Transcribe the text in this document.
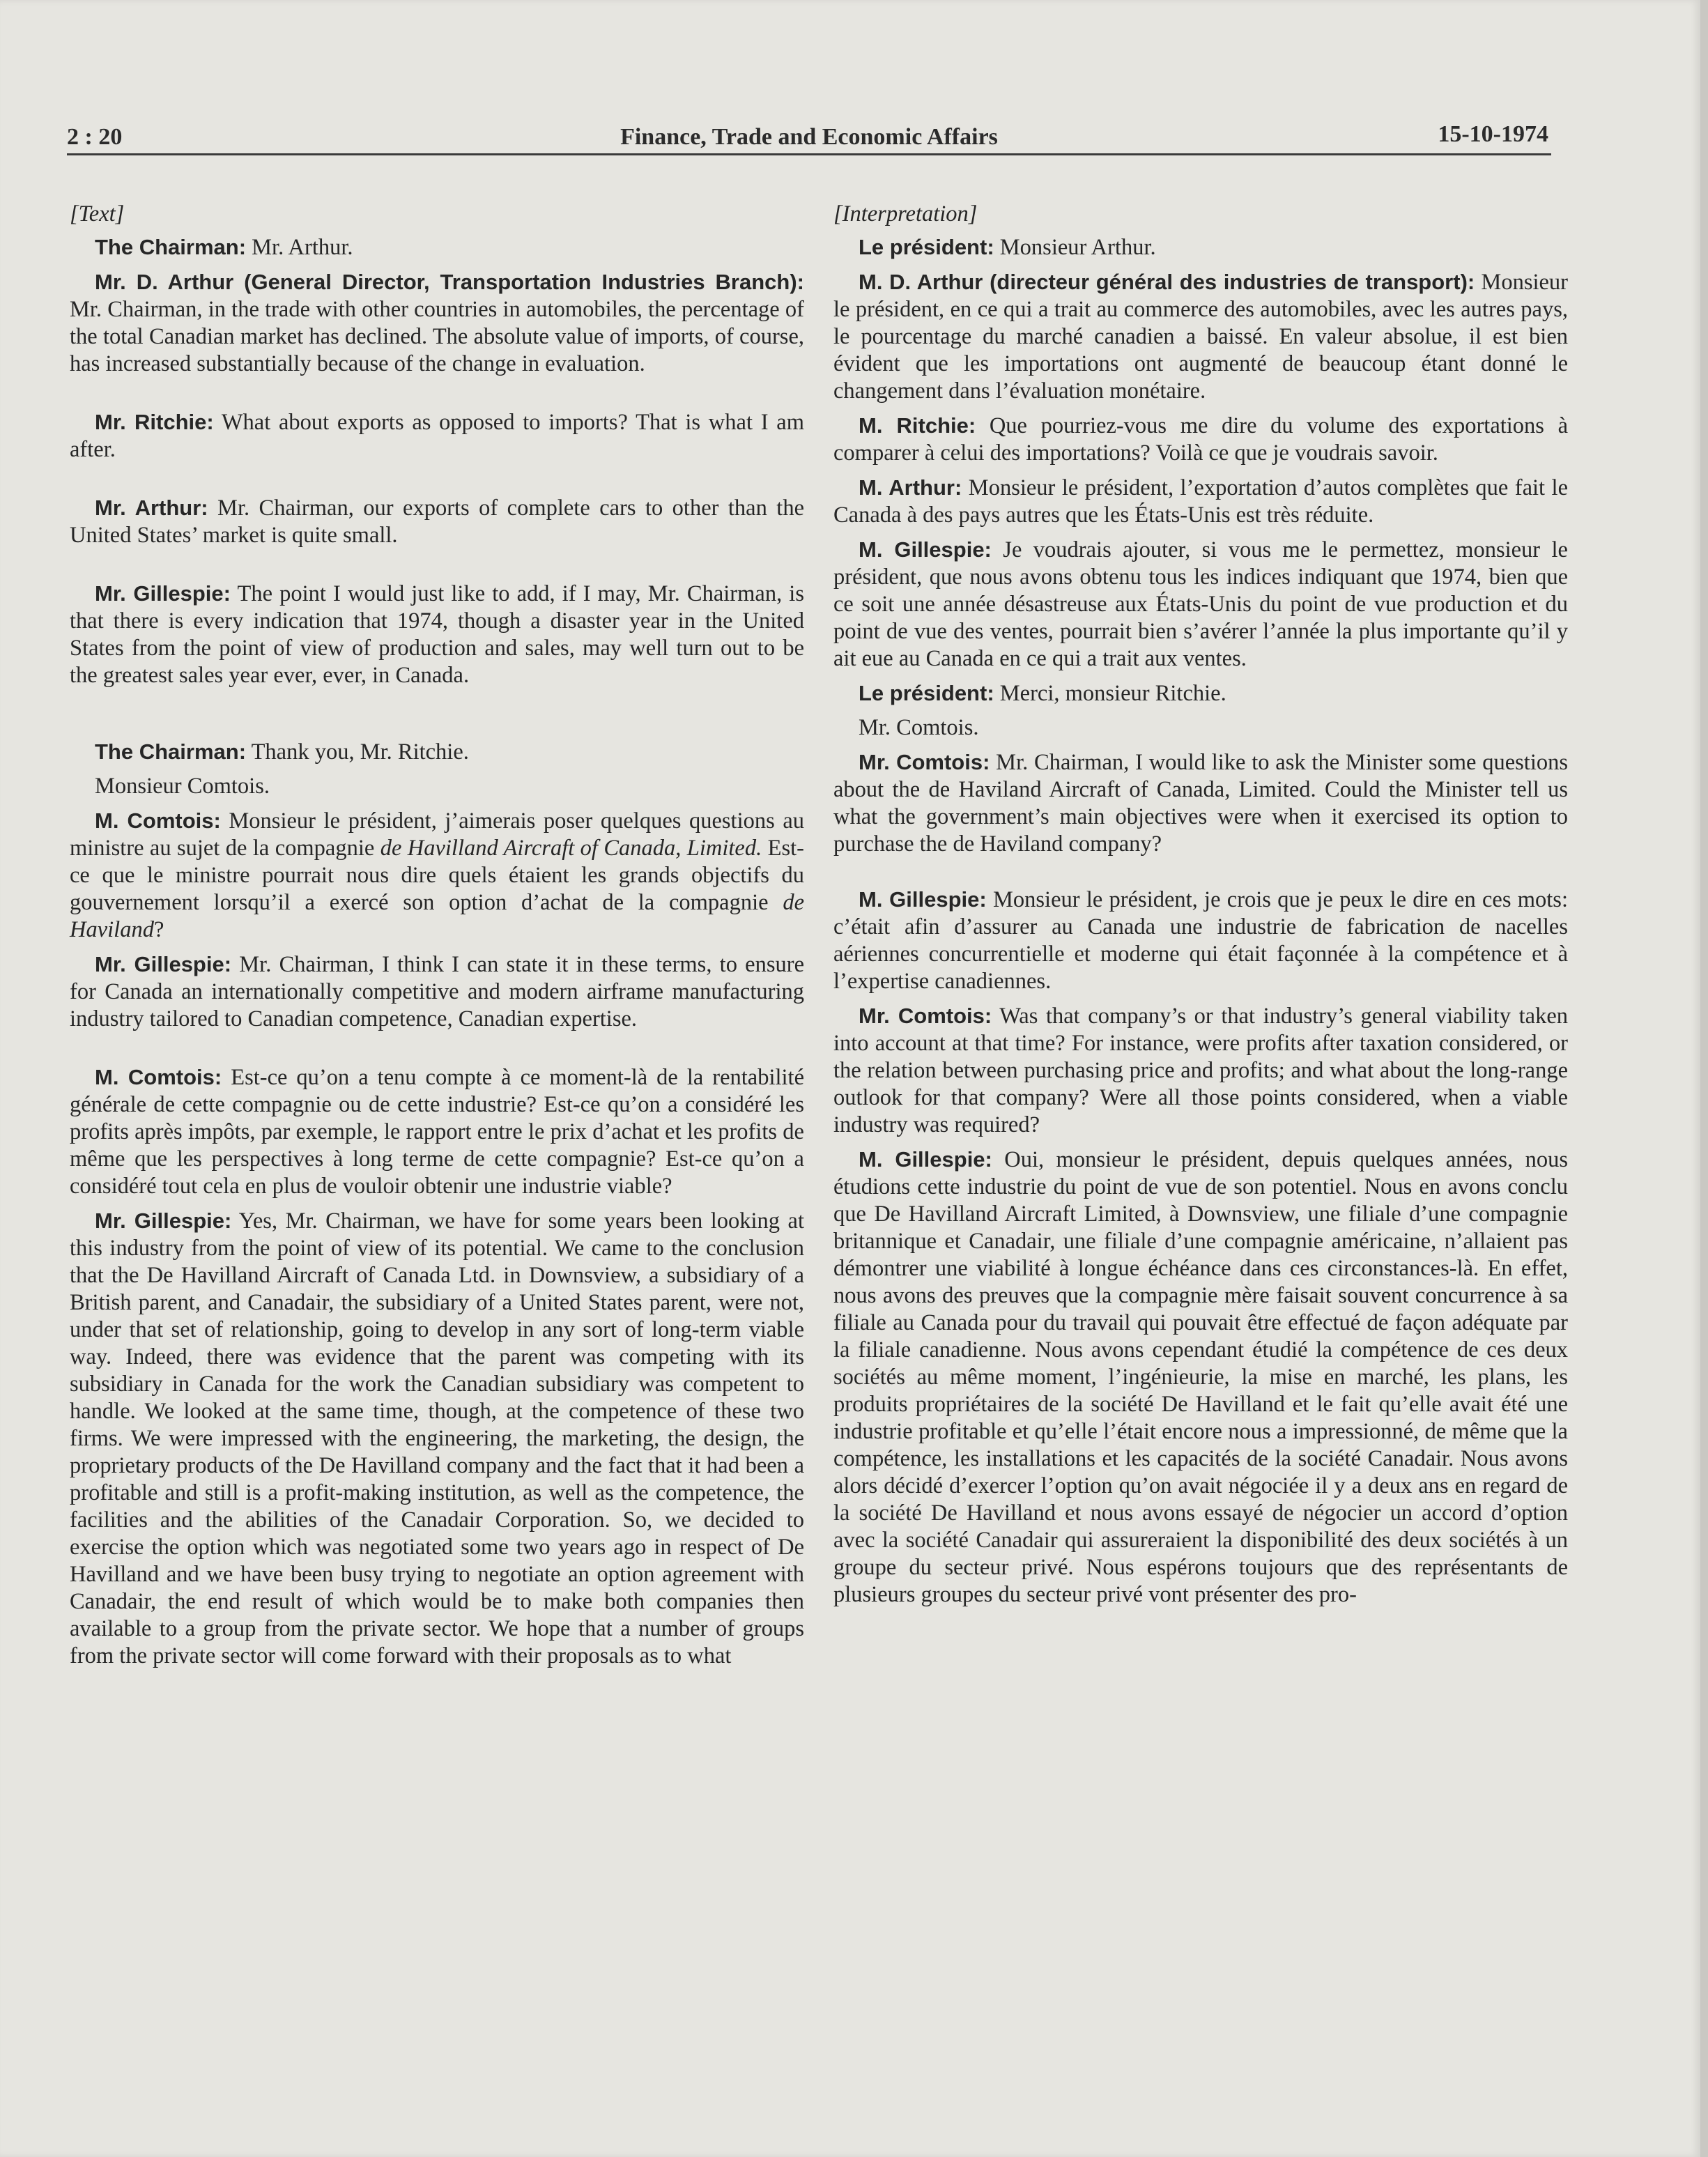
2 : 20	Finance, Trade and Economic Affairs	15-10-1974

[Text]

The Chairman: Mr. Arthur.

Mr. D. Arthur (General Director, Transportation Industries Branch): Mr. Chairman, in the trade with other countries in automobiles, the percentage of the total Canadian market has declined. The absolute value of imports, of course, has increased substantially because of the change in evaluation.

Mr. Ritchie: What about exports as opposed to imports? That is what I am after.

Mr. Arthur: Mr. Chairman, our exports of complete cars to other than the United States’ market is quite small.

Mr. Gillespie: The point I would just like to add, if I may, Mr. Chairman, is that there is every indication that 1974, though a disaster year in the United States from the point of view of production and sales, may well turn out to be the greatest sales year ever, ever, in Canada.

The Chairman: Thank you, Mr. Ritchie.

Monsieur Comtois.

M. Comtois: Monsieur le président, j’aimerais poser quelques questions au ministre au sujet de la compagnie de Havilland Aircraft of Canada, Limited. Est-ce que le ministre pourrait nous dire quels étaient les grands objectifs du gouvernement lorsqu’il a exercé son option d’achat de la compagnie de Haviland?

Mr. Gillespie: Mr. Chairman, I think I can state it in these terms, to ensure for Canada an internationally competitive and modern airframe manufacturing industry tailored to Canadian competence, Canadian expertise.

M. Comtois: Est-ce qu’on a tenu compte à ce moment-là de la rentabilité générale de cette compagnie ou de cette industrie? Est-ce qu’on a considéré les profits après impôts, par exemple, le rapport entre le prix d’achat et les profits de même que les perspectives à long terme de cette compagnie? Est-ce qu’on a considéré tout cela en plus de vouloir obtenir une industrie viable?

Mr. Gillespie: Yes, Mr. Chairman, we have for some years been looking at this industry from the point of view of its potential. We came to the conclusion that the De Havilland Aircraft of Canada Ltd. in Downsview, a subsidiary of a British parent, and Canadair, the subsidiary of a United States parent, were not, under that set of relationship, going to develop in any sort of long-term viable way. Indeed, there was evidence that the parent was competing with its subsidiary in Canada for the work the Canadian subsidiary was competent to handle. We looked at the same time, though, at the competence of these two firms. We were impressed with the engineering, the marketing, the design, the proprietary products of the De Havilland company and the fact that it had been a profitable and still is a profit-making institution, as well as the competence, the facilities and the abilities of the Canadair Corporation. So, we decided to exercise the option which was negotiated some two years ago in respect of De Havilland and we have been busy trying to negotiate an option agreement with Canadair, the end result of which would be to make both companies then available to a group from the private sector. We hope that a number of groups from the private sector will come forward with their proposals as to what

[Interpretation]

Le président: Monsieur Arthur.

M. D. Arthur (directeur général des industries de transport): Monsieur le président, en ce qui a trait au commerce des automobiles, avec les autres pays, le pourcentage du marché canadien a baissé. En valeur absolue, il est bien évident que les importations ont augmenté de beaucoup étant donné le changement dans l’évaluation monétaire.

M. Ritchie: Que pourriez-vous me dire du volume des exportations à comparer à celui des importations? Voilà ce que je voudrais savoir.

M. Arthur: Monsieur le président, l’exportation d’autos complètes que fait le Canada à des pays autres que les États-Unis est très réduite.

M. Gillespie: Je voudrais ajouter, si vous me le permettez, monsieur le président, que nous avons obtenu tous les indices indiquant que 1974, bien que ce soit une année désastreuse aux États-Unis du point de vue production et du point de vue des ventes, pourrait bien s’avérer l’année la plus importante qu’il y ait eue au Canada en ce qui a trait aux ventes.

Le président: Merci, monsieur Ritchie.

Mr. Comtois.

Mr. Comtois: Mr. Chairman, I would like to ask the Minister some questions about the de Haviland Aircraft of Canada, Limited. Could the Minister tell us what the government’s main objectives were when it exercised its option to purchase the de Haviland company?

M. Gillespie: Monsieur le président, je crois que je peux le dire en ces mots: c’était afin d’assurer au Canada une industrie de fabrication de nacelles aériennes concurrentielle et moderne qui était façonnée à la compétence et à l’expertise canadiennes.

Mr. Comtois: Was that company’s or that industry’s general viability taken into account at that time? For instance, were profits after taxation considered, or the relation between purchasing price and profits; and what about the long-range outlook for that company? Were all those points considered, when a viable industry was required?

M. Gillespie: Oui, monsieur le président, depuis quelques années, nous étudions cette industrie du point de vue de son potentiel. Nous en avons conclu que De Havilland Aircraft Limited, à Downsview, une filiale d’une compagnie britannique et Canadair, une filiale d’une compagnie américaine, n’allaient pas démontrer une viabilité à longue échéance dans ces circonstances-là. En effet, nous avons des preuves que la compagnie mère faisait souvent concurrence à sa filiale au Canada pour du travail qui pouvait être effectué de façon adéquate par la filiale canadienne. Nous avons cependant étudié la compétence de ces deux sociétés au même moment, l’ingénieurie, la mise en marché, les plans, les produits propriétaires de la société De Havilland et le fait qu’elle avait été une industrie profitable et qu’elle l’était encore nous a impressionné, de même que la compétence, les installations et les capacités de la société Canadair. Nous avons alors décidé d’exercer l’option qu’on avait négociée il y a deux ans en regard de la société De Havilland et nous avons essayé de négocier un accord d’option avec la société Canadair qui assureraient la disponibilité des deux sociétés à un groupe du secteur privé. Nous espérons toujours que des représentants de plusieurs groupes du secteur privé vont présenter des pro-
